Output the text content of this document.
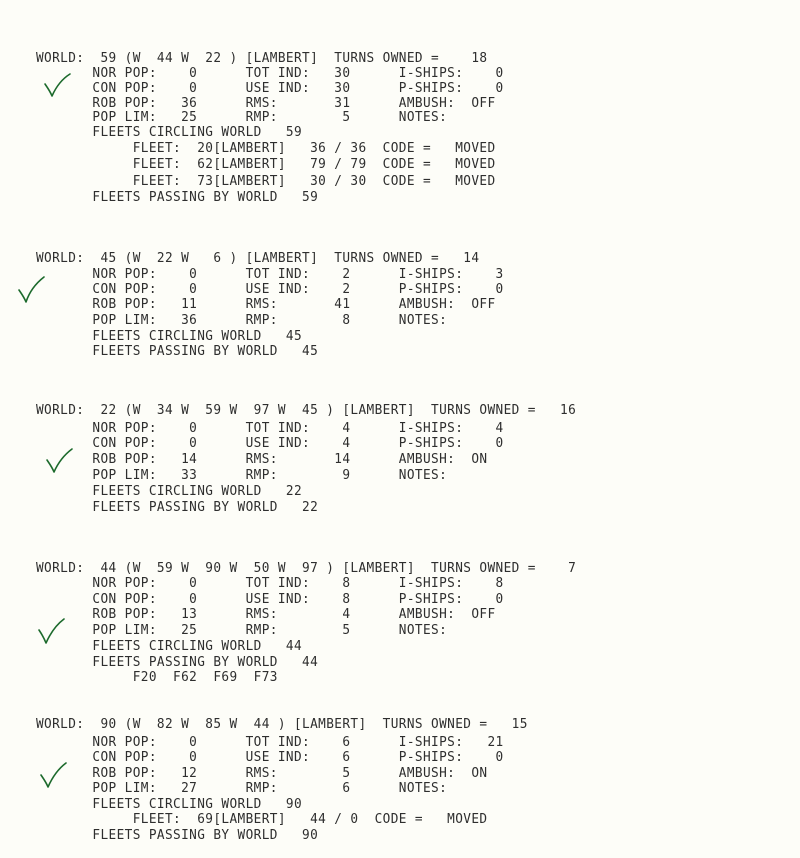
WORLD:  59 (W  44 W  22 ) [LAMBERT]  TURNS OWNED =    18
NOR POP:    0      TOT IND:   30      I-SHIPS:    0
CON POP:    0      USE IND:   30      P-SHIPS:    0
ROB POP:   36      RMS:       31      AMBUSH:  OFF
POP LIM:   25      RMP:        5      NOTES:
FLEETS CIRCLING WORLD   59
FLEET:  20[LAMBERT]   36 / 36  CODE =   MOVED
FLEET:  62[LAMBERT]   79 / 79  CODE =   MOVED
FLEET:  73[LAMBERT]   30 / 30  CODE =   MOVED
FLEETS PASSING BY WORLD   59
WORLD:  45 (W  22 W   6 ) [LAMBERT]  TURNS OWNED =   14
NOR POP:    0      TOT IND:    2      I-SHIPS:    3
CON POP:    0      USE IND:    2      P-SHIPS:    0
ROB POP:   11      RMS:       41      AMBUSH:  OFF
POP LIM:   36      RMP:        8      NOTES:
FLEETS CIRCLING WORLD   45
FLEETS PASSING BY WORLD   45
WORLD:  22 (W  34 W  59 W  97 W  45 ) [LAMBERT]  TURNS OWNED =   16
NOR POP:    0      TOT IND:    4      I-SHIPS:    4
CON POP:    0      USE IND:    4      P-SHIPS:    0
ROB POP:   14      RMS:       14      AMBUSH:  ON
POP LIM:   33      RMP:        9      NOTES:
FLEETS CIRCLING WORLD   22
FLEETS PASSING BY WORLD   22
WORLD:  44 (W  59 W  90 W  50 W  97 ) [LAMBERT]  TURNS OWNED =    7
NOR POP:    0      TOT IND:    8      I-SHIPS:    8
CON POP:    0      USE IND:    8      P-SHIPS:    0
ROB POP:   13      RMS:        4      AMBUSH:  OFF
POP LIM:   25      RMP:        5      NOTES:
FLEETS CIRCLING WORLD   44
FLEETS PASSING BY WORLD   44
F20  F62  F69  F73
WORLD:  90 (W  82 W  85 W  44 ) [LAMBERT]  TURNS OWNED =   15
NOR POP:    0      TOT IND:    6      I-SHIPS:   21
CON POP:    0      USE IND:    6      P-SHIPS:    0
ROB POP:   12      RMS:        5      AMBUSH:  ON
POP LIM:   27      RMP:        6      NOTES:
FLEETS CIRCLING WORLD   90
FLEET:  69[LAMBERT]   44 / 0  CODE =   MOVED
FLEETS PASSING BY WORLD   90
